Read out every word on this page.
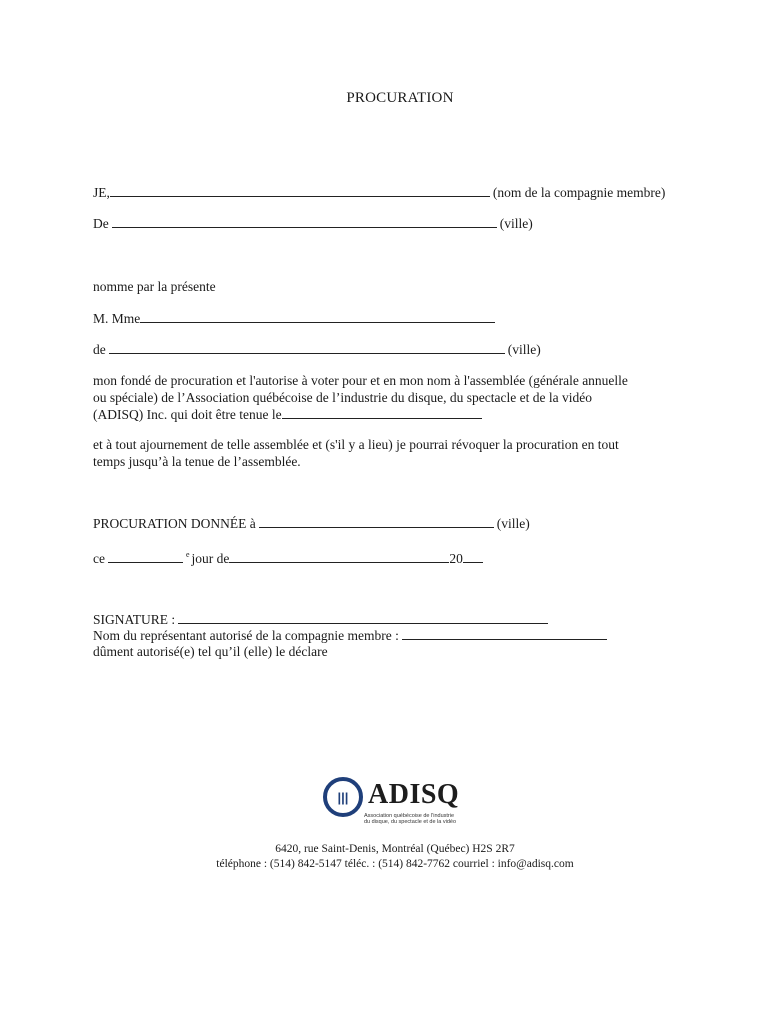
PROCURATION
JE,	(nom de la compagnie membre)
De	(ville)
nomme par la présente
M. Mme
de	(ville)
mon fondé de procuration et l'autorise à voter pour et en mon nom à l'assemblée (générale annuelle
ou spéciale) de l’Association québécoise de l’industrie du disque, du spectacle et de la vidéo
(ADISQ) Inc. qui doit être tenue le
et à tout ajournement de telle assemblée et (s'il y a lieu) je pourrai révoquer la procuration en tout
temps jusqu’à la tenue de l’assemblée.
PROCURATION DONNÉE à	(ville)
ce	$^e$ jour de	20
SIGNATURE :
Nom du représentant autorisé de la compagnie membre :
dûment autorisé(e) tel qu’il (elle) le déclare
||| ADISQ
Association québécoise de l'industrie
du disque, du spectacle et de la vidéo
6420, rue Saint-Denis, Montréal (Québec) H2S 2R7
téléphone : (514) 842-5147 téléc. : (514) 842-7762 courriel : info@adisq.com
